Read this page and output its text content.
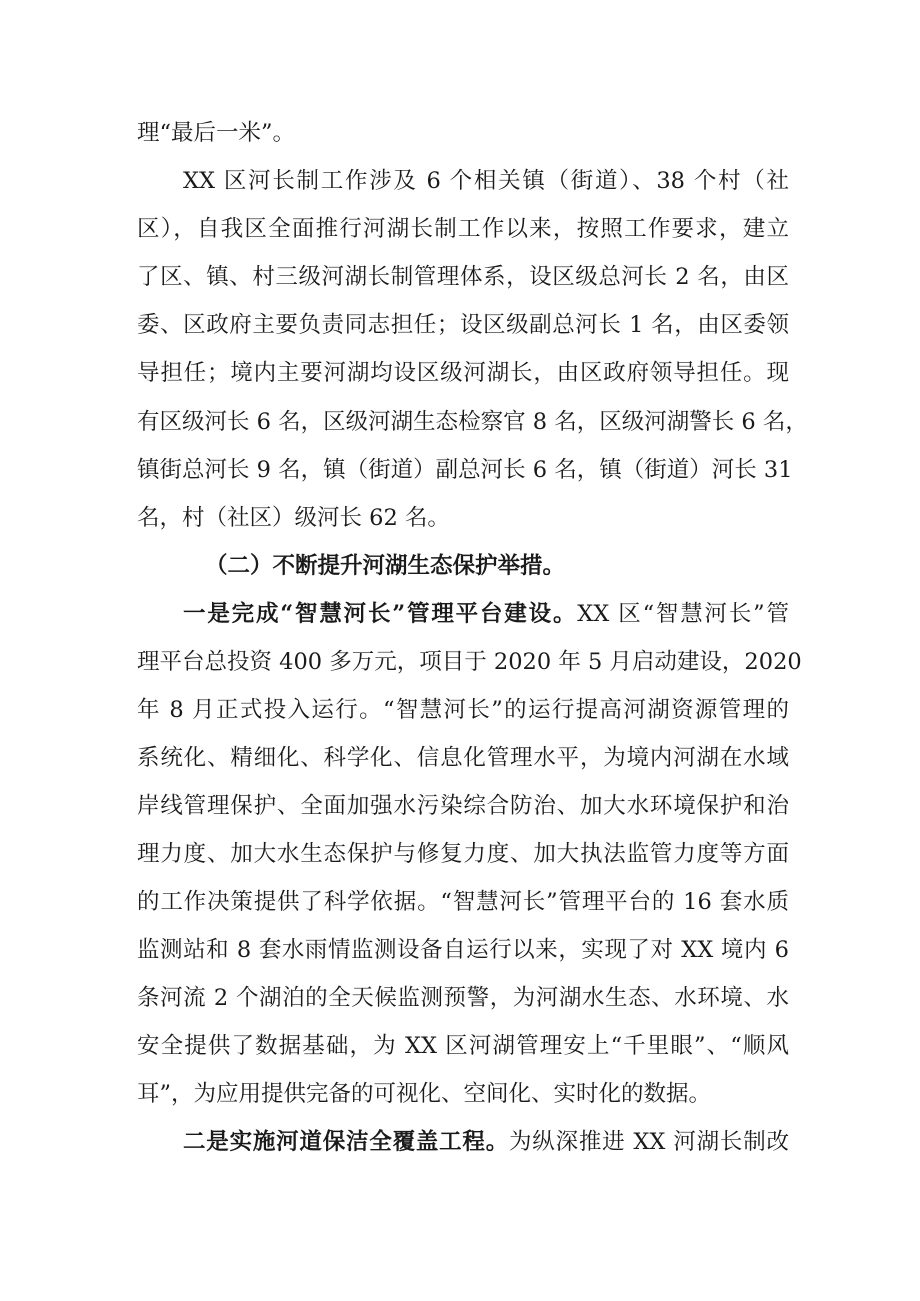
理“最后一米”。
XX 区河长制工作涉及 6 个相关镇（街道）、38 个村（社
区），自我区全面推行河湖长制工作以来，按照工作要求，建立
了区、镇、村三级河湖长制管理体系，设区级总河长 2 名，由区
委、区政府主要负责同志担任；设区级副总河长 1 名，由区委领
导担任；境内主要河湖均设区级河湖长，由区政府领导担任。现
有区级河长 6 名，区级河湖生态检察官 8 名，区级河湖警长 6 名，
镇街总河长 9 名，镇（街道）副总河长 6 名，镇（街道）河长 31
名，村（社区）级河长 62 名。
（二）不断提升河湖生态保护举措。
一是完成“智慧河长”管理平台建设。XX 区“智慧河长”管
理平台总投资 400 多万元，项目于 2020 年 5 月启动建设，2020
年 8 月正式投入运行。“智慧河长”的运行提高河湖资源管理的
系统化、精细化、科学化、信息化管理水平，为境内河湖在水域
岸线管理保护、全面加强水污染综合防治、加大水环境保护和治
理力度、加大水生态保护与修复力度、加大执法监管力度等方面
的工作决策提供了科学依据。“智慧河长”管理平台的 16 套水质
监测站和 8 套水雨情监测设备自运行以来，实现了对 XX 境内 6
条河流 2 个湖泊的全天候监测预警，为河湖水生态、水环境、水
安全提供了数据基础，为 XX 区河湖管理安上“千里眼”、“顺风
耳”，为应用提供完备的可视化、空间化、实时化的数据。
二是实施河道保洁全覆盖工程。为纵深推进 XX 河湖长制改
